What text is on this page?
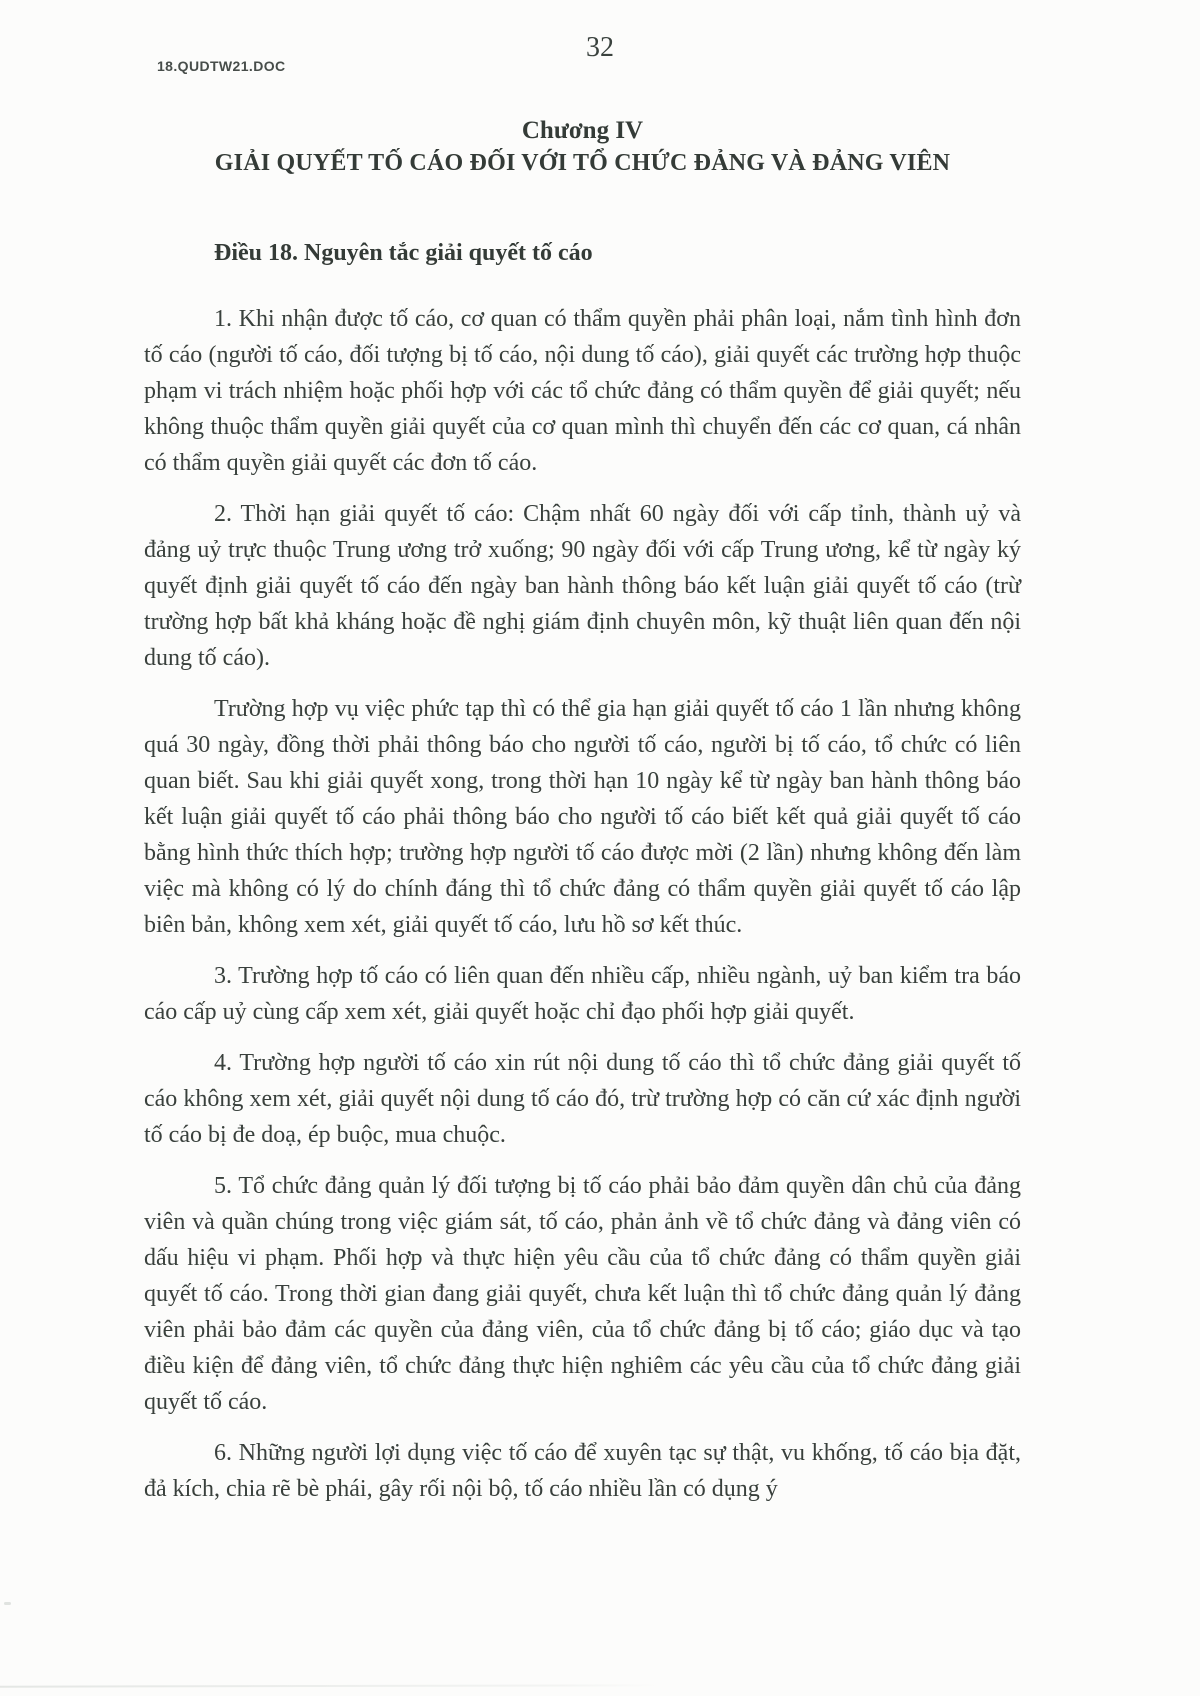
18.QUDTW21.DOC
32
Chương IV
GIẢI QUYẾT TỐ CÁO ĐỐI VỚI TỔ CHỨC ĐẢNG VÀ ĐẢNG VIÊN
Điều 18. Nguyên tắc giải quyết tố cáo

1. Khi nhận được tố cáo, cơ quan có thẩm quyền phải phân loại, nắm tình hình đơn tố cáo (người tố cáo, đối tượng bị tố cáo, nội dung tố cáo), giải quyết các trường hợp thuộc phạm vi trách nhiệm hoặc phối hợp với các tổ chức đảng có thẩm quyền để giải quyết; nếu không thuộc thẩm quyền giải quyết của cơ quan mình thì chuyển đến các cơ quan, cá nhân có thẩm quyền giải quyết các đơn tố cáo.

2. Thời hạn giải quyết tố cáo: Chậm nhất 60 ngày đối với cấp tỉnh, thành uỷ và đảng uỷ trực thuộc Trung ương trở xuống; 90 ngày đối với cấp Trung ương, kể từ ngày ký quyết định giải quyết tố cáo đến ngày ban hành thông báo kết luận giải quyết tố cáo (trừ trường hợp bất khả kháng hoặc đề nghị giám định chuyên môn, kỹ thuật liên quan đến nội dung tố cáo).

Trường hợp vụ việc phức tạp thì có thể gia hạn giải quyết tố cáo 1 lần nhưng không quá 30 ngày, đồng thời phải thông báo cho người tố cáo, người bị tố cáo, tổ chức có liên quan biết. Sau khi giải quyết xong, trong thời hạn 10 ngày kể từ ngày ban hành thông báo kết luận giải quyết tố cáo phải thông báo cho người tố cáo biết kết quả giải quyết tố cáo bằng hình thức thích hợp; trường hợp người tố cáo được mời (2 lần) nhưng không đến làm việc mà không có lý do chính đáng thì tổ chức đảng có thẩm quyền giải quyết tố cáo lập biên bản, không xem xét, giải quyết tố cáo, lưu hồ sơ kết thúc.

3. Trường hợp tố cáo có liên quan đến nhiều cấp, nhiều ngành, uỷ ban kiểm tra báo cáo cấp uỷ cùng cấp xem xét, giải quyết hoặc chỉ đạo phối hợp giải quyết.

4. Trường hợp người tố cáo xin rút nội dung tố cáo thì tổ chức đảng giải quyết tố cáo không xem xét, giải quyết nội dung tố cáo đó, trừ trường hợp có căn cứ xác định người tố cáo bị đe doạ, ép buộc, mua chuộc.

5. Tổ chức đảng quản lý đối tượng bị tố cáo phải bảo đảm quyền dân chủ của đảng viên và quần chúng trong việc giám sát, tố cáo, phản ảnh về tổ chức đảng và đảng viên có dấu hiệu vi phạm. Phối hợp và thực hiện yêu cầu của tổ chức đảng có thẩm quyền giải quyết tố cáo. Trong thời gian đang giải quyết, chưa kết luận thì tổ chức đảng quản lý đảng viên phải bảo đảm các quyền của đảng viên, của tổ chức đảng bị tố cáo; giáo dục và tạo điều kiện để đảng viên, tổ chức đảng thực hiện nghiêm các yêu cầu của tổ chức đảng giải quyết tố cáo.

6. Những người lợi dụng việc tố cáo để xuyên tạc sự thật, vu khống, tố cáo bịa đặt, đả kích, chia rẽ bè phái, gây rối nội bộ, tố cáo nhiều lần có dụng ý
